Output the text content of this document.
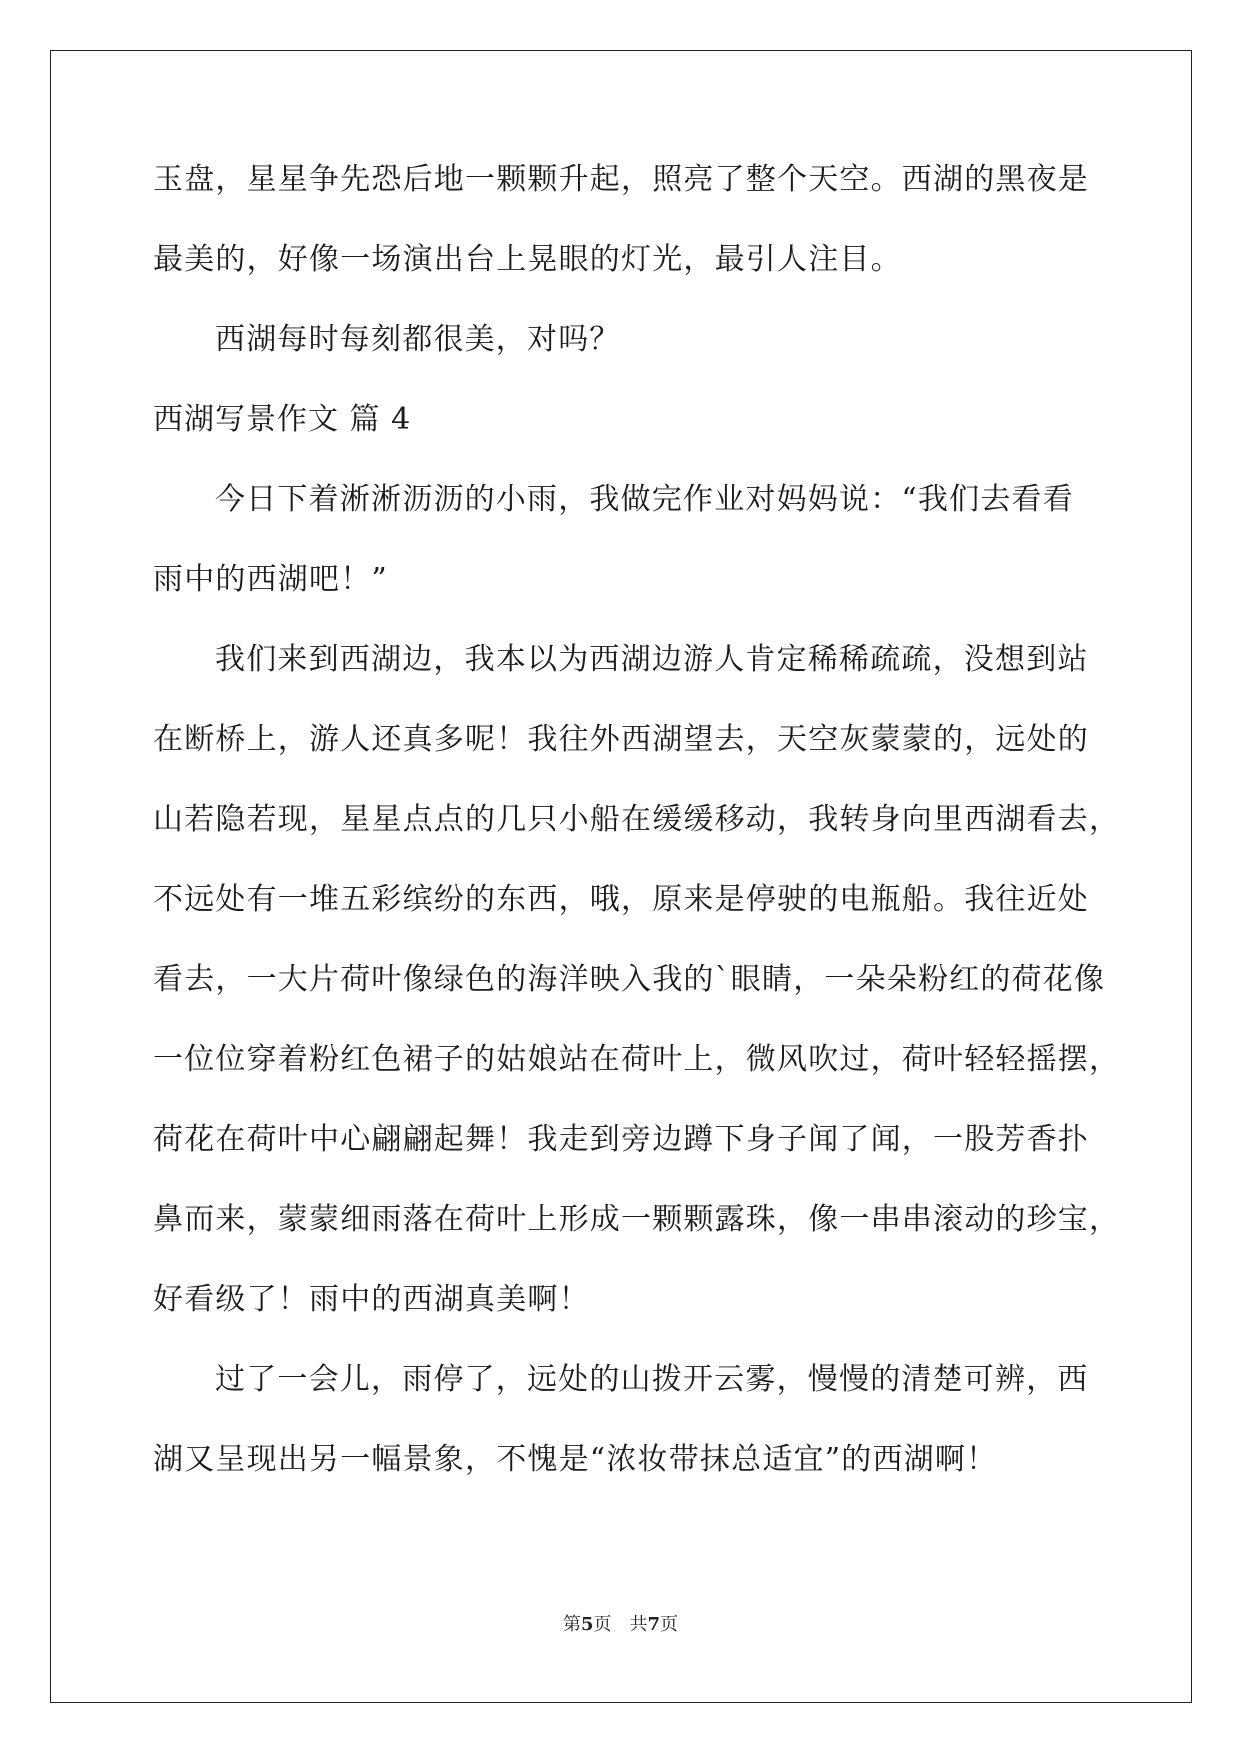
玉盘，星星争先恐后地一颗颗升起，照亮了整个天空。西湖的黑夜是
最美的，好像一场演出台上晃眼的灯光，最引人注目。
西湖每时每刻都很美，对吗？
西湖写景作文 篇 4
今日下着淅淅沥沥的小雨，我做完作业对妈妈说：“我们去看看
雨中的西湖吧！”
我们来到西湖边，我本以为西湖边游人肯定稀稀疏疏，没想到站
在断桥上，游人还真多呢！我往外西湖望去，天空灰蒙蒙的，远处的
山若隐若现，星星点点的几只小船在缓缓移动，我转身向里西湖看去，
不远处有一堆五彩缤纷的东西，哦，原来是停驶的电瓶船。我往近处
看去，一大片荷叶像绿色的海洋映入我的`眼睛，一朵朵粉红的荷花像
一位位穿着粉红色裙子的姑娘站在荷叶上，微风吹过，荷叶轻轻摇摆，
荷花在荷叶中心翩翩起舞！我走到旁边蹲下身子闻了闻，一股芳香扑
鼻而来，蒙蒙细雨落在荷叶上形成一颗颗露珠，像一串串滚动的珍宝，
好看级了！雨中的西湖真美啊！
过了一会儿，雨停了，远处的山拨开云雾，慢慢的清楚可辨，西
湖又呈现出另一幅景象，不愧是“浓妆带抹总适宜”的西湖啊！
第5页　共7页
